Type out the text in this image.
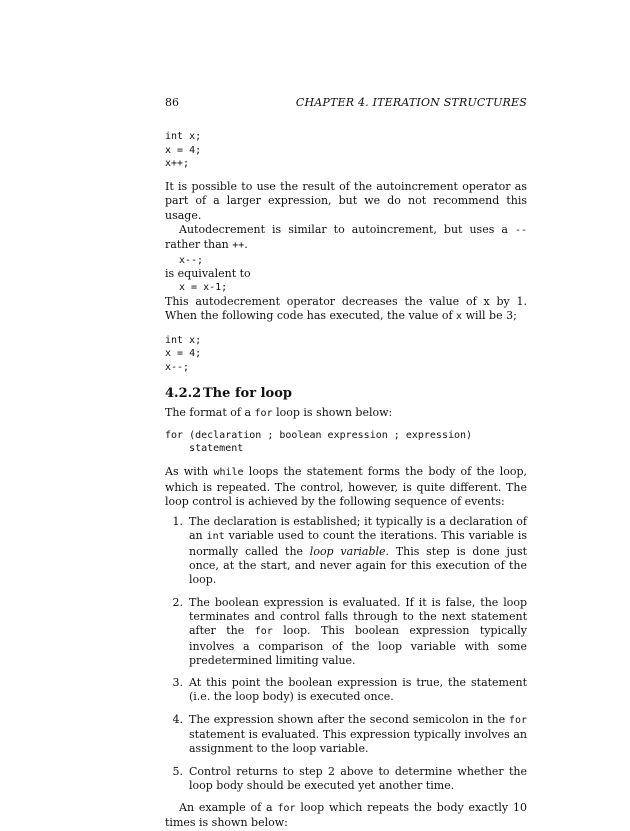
86	CHAPTER 4. ITERATION STRUCTURES
int x;
x = 4;
x++;

It is possible to use the result of the autoincrement operator as part of a larger expression, but we do not recommend this usage.

Autodecrement is similar to autoincrement, but uses a -- rather than ++.

x--;

is equivalent to

x = x-1;

This autodecrement operator decreases the value of x by 1. When the following code has executed, the value of x will be 3;

int x;
x = 4;
x--;
4.2.2 The for loop

The format of a for loop is shown below:

for (declaration ; boolean expression ; expression)
statement

As with while loops the statement forms the body of the loop, which is repeated. The control, however, is quite different. The loop control is achieved by the following sequence of events:

1. The declaration is established; it typically is a declaration of an int variable used to count the iterations. This variable is normally called the loop variable. This step is done just once, at the start, and never again for this execution of the loop.
2. The boolean expression is evaluated. If it is false, the loop terminates and control falls through to the next statement after the for loop. This boolean expression typically involves a comparison of the loop variable with some predetermined limiting value.
3. At this point the boolean expression is true, the statement (i.e. the loop body) is executed once.
4. The expression shown after the second semicolon in the for statement is evaluated. This expression typically involves an assignment to the loop variable.
5. Control returns to step 2 above to determine whether the loop body should be executed yet another time.

An example of a for loop which repeats the body exactly 10 times is shown below:
